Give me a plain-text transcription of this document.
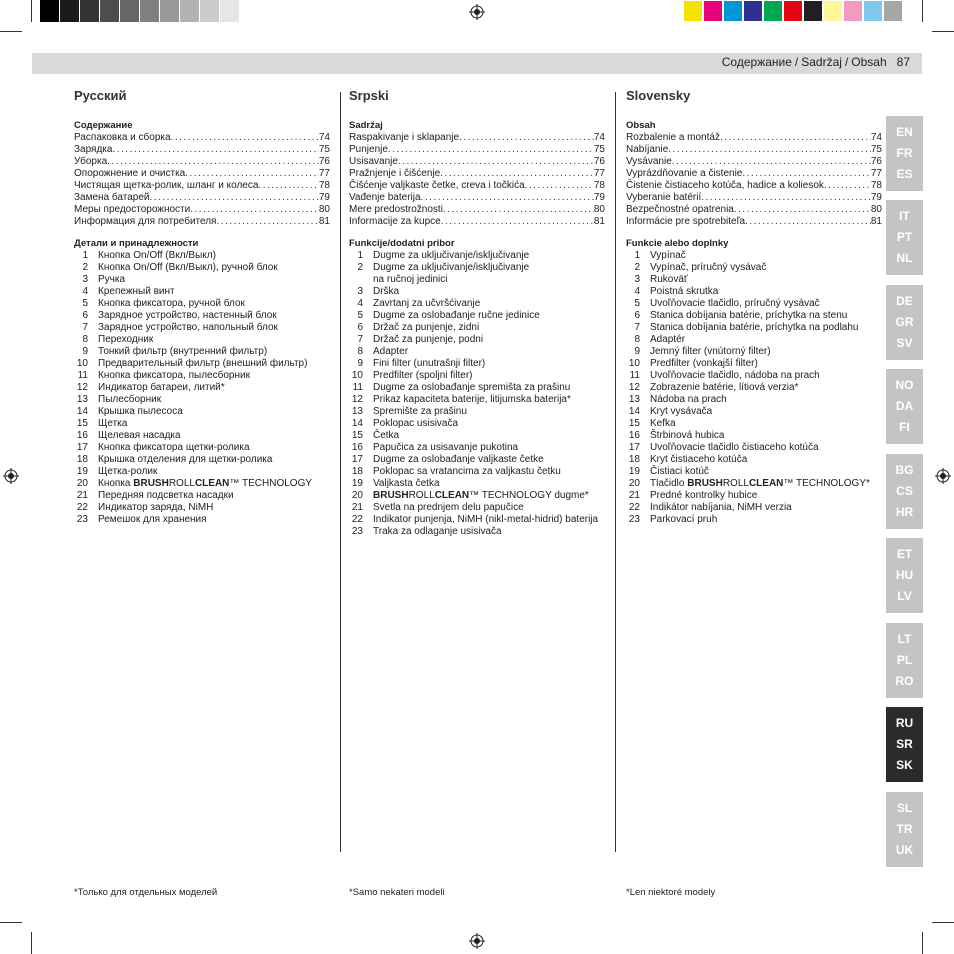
Содержание / Sadržaj / Obsah 87
Русский
Содержание
Распаковка и сборка .....	74
Зарядка .....	75
Уборка .....	76
Опорожнение и очистка .....	77
Чистящая щетка-ролик, шланг и колеса .....	78
Замена батарей .....	79
Меры предосторожности .....	80
Информация для потребителя .....	81
Детали и принадлежности
1 Кнопка On/Off (Вкл/Выкл)
2 Кнопка On/Off (Вкл/Выкл), ручной блок
3 Ручка
4 Крепежный винт
5 Кнопка фиксатора, ручной блок
6 Зарядное устройство, настенный блок
7 Зарядное устройство, напольный блок
8 Переходник
9 Тонкий фильтр (внутренний фильтр)
10 Предварительный фильтр (внешний фильтр)
11 Кнопка фиксатора, пылесборник
12 Индикатор батареи, литий*
13 Пылесборник
14 Крышка пылесоса
15 Щетка
16 Щелевая насадка
17 Кнопка фиксатора щетки-ролика
18 Крышка отделения для щетки-ролика
19 Щетка-ролик
20 Кнопка BRUSHROLLCLEAN™ TECHNOLOGY
21 Передняя подсветка насадки
22 Индикатор заряда, NiMH
23 Ремешок для хранения
Srpski
Sadržaj
Raspakivanje i sklapanje .....	74
Punjenje .....	75
Usisavanje .....	76
Pražnjenje i čišćenje .....	77
Čišćenje valjkaste četke, creva i točkića .....	78
Vađenje baterija .....	79
Mere predostrožnosti .....	80
Informacije za kupce .....	81
Funkcije/dodatni pribor
1 Dugme za uključivanje/isključivanje
2 Dugme za uključivanje/isključivanje
na ručnoj jedinici
3 Drška
4 Zavrtanj za učvršćivanje
5 Dugme za oslobađanje ručne jedinice
6 Držač za punjenje, zidni
7 Držač za punjenje, podni
8 Adapter
9 Fini filter (unutrašnji filter)
10 Predfilter (spoljni filter)
11 Dugme za oslobađanje spremišta za prašinu
12 Prikaz kapaciteta baterije, litijumska baterija*
13 Spremište za prašinu
14 Poklopac usisivača
15 Četka
16 Papučica za usisavanje pukotina
17 Dugme za oslobađanje valjkaste četke
18 Poklopac sa vratancima za valjkastu četku
19 Valjkasta četka
20 BRUSHROLLCLEAN™ TECHNOLOGY dugme*
21 Svetla na prednjem delu papučice
22 Indikator punjenja, NiMH (nikl-metal-hidrid) baterija
23 Traka za odlaganje usisivača
Slovensky
Obsah
Rozbalenie a montáž .....	74
Nabíjanie .....	75
Vysávanie .....	76
Vyprázdňovanie a čistenie .....	77
Čistenie čistiaceho kotúča, hadice a koliesok .....	78
Vyberanie batérií .....	79
Bezpečnostné opatrenia .....	80
Informácie pre spotrebiteľa .....	81
Funkcie alebo doplnky
1 Vypínač
2 Vypínač, príručný vysávač
3 Rukoväť
4 Poistná skrutka
5 Uvoľňovacie tlačidlo, príručný vysávač
6 Stanica dobíjania batérie, príchytka na stenu
7 Stanica dobíjania batérie, príchytka na podlahu
8 Adaptér
9 Jemný filter (vnútorný filter)
10 Predfilter (vonkajší filter)
11 Uvoľňovacie tlačidlo, nádoba na prach
12 Zobrazenie batérie, lítiová verzia*
13 Nádoba na prach
14 Kryt vysávača
15 Kefka
16 Štrbinová hubica
17 Uvoľňovacie tlačidlo čistiaceho kotúča
18 Kryt čistiaceho kotúča
19 Čistiaci kotúč
20 Tlačidlo BRUSHROLLCLEAN™ TECHNOLOGY*
21 Predné kontrolky hubice
22 Indikátor nabíjania, NiMH verzia
23 Parkovací pruh
*Только для отдельных моделей	*Samo nekateri modeli	*Len niektoré modely
EN
FR
ES
IT
PT
NL
DE
GR
SV
NO
DA
FI
BG
CS
HR
ET
HU
LV
LT
PL
RO
RU
SR
SK
SL
TR
UK
